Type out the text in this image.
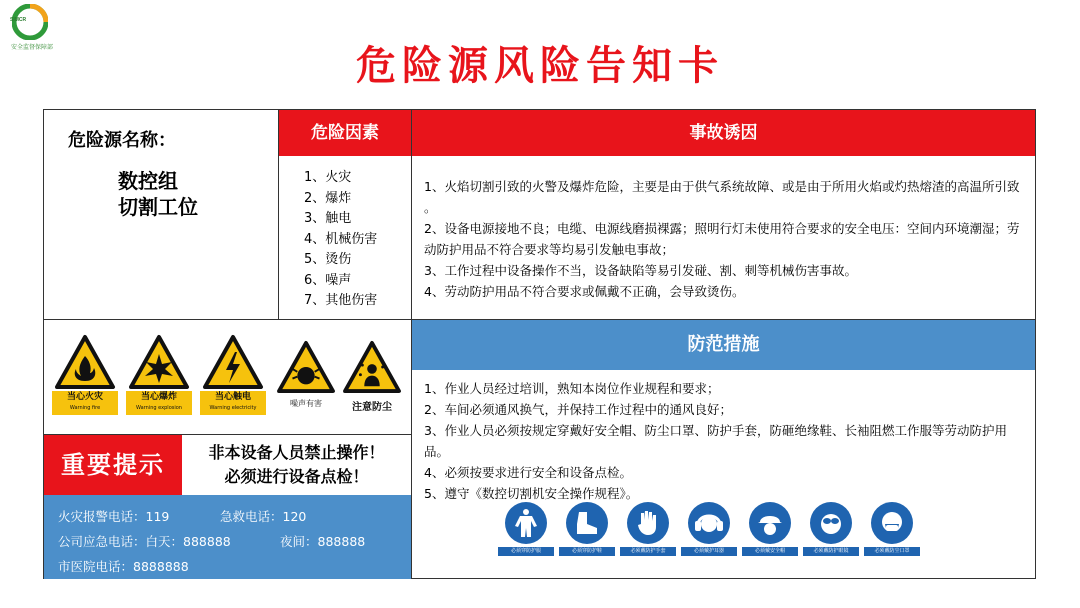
SIMCR
安全监督保障部	危险源风险告知卡
危险源名称：
数控组
切割工位
危险因素
1、火灾
2、爆炸
3、触电
4、机械伤害
5、烫伤
6、噪声
7、其他伤害
事故诱因
1、火焰切割引致的火警及爆炸危险，主要是由于供气系统故障、或是由于所用火焰或灼热熔渣的高温所引致 。
2、设备电源接地不良；电缆、电源线磨损裸露；照明行灯未使用符合要求的安全电压：空间内环境潮湿；劳动防护用品不符合要求等均易引发触电事故；
3、工作过程中设备操作不当，设备缺陷等易引发碰、割、刺等机械伤害事故。
4、劳动防护用品不符合要求或佩戴不正确，会导致烫伤。
当心火灾
Warning fire
当心爆炸
Warning explosion
当心触电
Warning electricity	噪声有害	注意防尘
防范措施
1、作业人员经过培训，熟知本岗位作业规程和要求；
2、车间必须通风换气，并保持工作过程中的通风良好；
3、作业人员必须按规定穿戴好安全帽、防尘口罩、防护手套，防砸绝缘鞋、长袖阻燃工作服等劳动防护用品。
4、必须按要求进行安全和设备点检。
5、遵守《数控切割机安全操作规程》。
重要提示	非本设备人员禁止操作！
必须进行设备点检！
火灾报警电话：119	急救电话：120
公司应急电话：白天：888888	夜间：888888
市医院电话：8888888
必须穿防护服	必须穿防护鞋	必须戴防护手套	必须戴护耳器	必须戴安全帽	必须戴防护眼镜	必须戴防尘口罩
